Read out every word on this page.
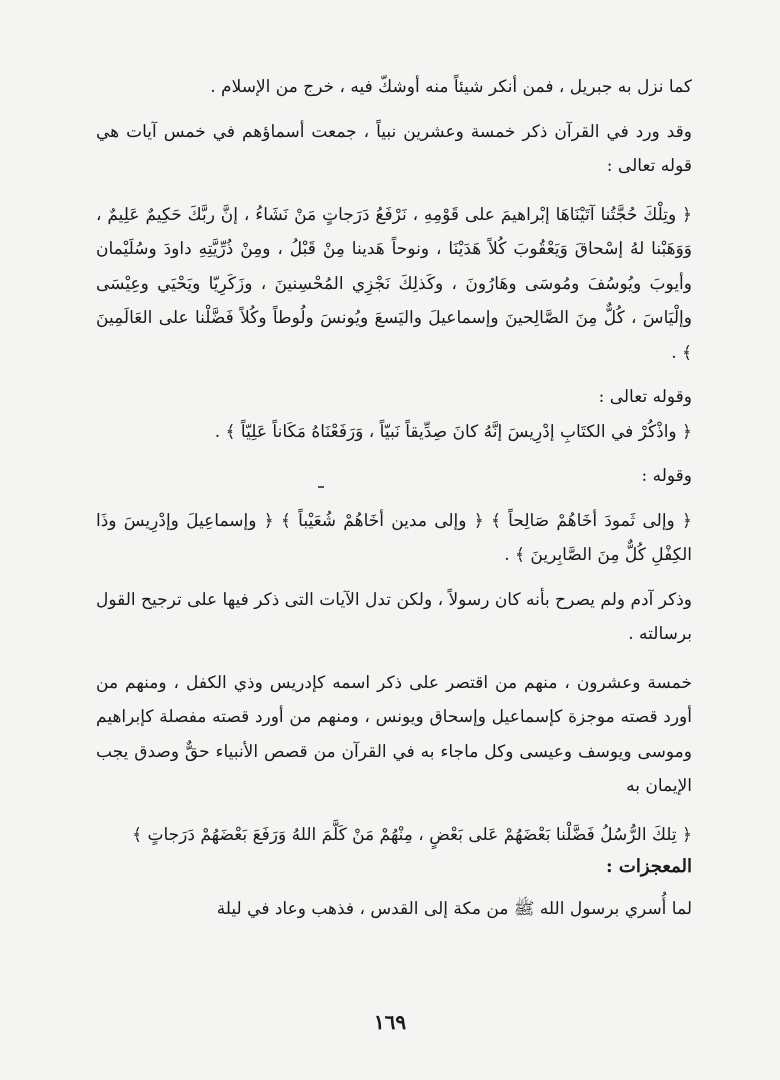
كما نزل به جبريل ، فمن أنكر شيئاً منه أوشكّ فيه ، خرج من الإسلام .

وقد ورد في القرآن ذكر خمسة وعشرين نبياً ، جمعت أسماؤهم في خمس آيات هي قوله تعالى :

﴿ وتِلْكَ حُجَّتُنا آتَيْنَاهَا إبْراهيمَ على قَوْمِهِ ، نَرْفَعُ دَرَجاتٍ مَنْ نَشَاءُ ، إنَّ ربَّكَ حَكِيمٌ عَلِيمٌ ، وَوَهَبْنا لهُ إسْحاقَ وَيَعْقُوبَ كُلاً هَدَيْنَا ، ونوحاً هَدينا مِنْ قَبْلُ ، ومِنْ ذُرِّيَّتِهِ داودَ وسُلَيْمان وأيوبَ ويُوسُفَ ومُوسَى وهَارُونَ ، وكَذلِكَ نَجْزِي المُحْسِنينَ ، وزَكَرِيّا ويَحْيَي وعِيْسَى وإلْيَاسَ ، كُلٌّ مِنَ الصَّالِحينَ وإسماعيلَ واليَسعَ ويُونسَ ولُوطاً وكُلاً فَضَّلْنا على العَالَمِينَ ﴾ .

وقوله تعالى :

﴿ واذْكُرْ في الكتَابِ إدْرِيسَ إنَّهُ كانَ صِدِّيقاً نَبيّاً ، وَرَفَعْنَاهُ مَكَاناً عَلِيّاً ﴾ .

وقوله :

﴿ وإلى ثَمودَ أخَاهُمْ صَالِحاً ﴾ ﴿ وإلى مدين أخَاهُمْ شُعَيْباً ﴾ ﴿ وإسماعِيلَ وإدْرِيسَ وذَا الكِفْلِ كُلٌّ مِنَ الصَّابِرينَ ﴾ .

وذكر آدم ولم يصرح بأنه كان رسولاً ، ولكن تدل الآيات التى ذكر فيها على ترجيح القول برسالته .

خمسة وعشرون ، منهم من اقتصر على ذكر اسمه كإدريس وذي الكفل ، ومنهم من أورد قصته موجزة كإسماعيل وإسحاق ويونس ، ومنهم من أورد قصته مفصلة كإبراهيم وموسى ويوسف وعيسى وكل ماجاء به في القرآن من قصص الأنبياء حقٌّ وصدق يجب الإيمان به

﴿ تِلكَ الرُّسُلُ فَضَّلْنا بَعْضَهُمْ عَلى بَعْضٍ ، مِنْهُمْ مَنْ كَلَّمَ اللهُ وَرَفَعَ بَعْضَهُمْ دَرَجاتٍ ﴾

المعجزات :

لما أُسري برسول الله ﷺ من مكة إلى القدس ، فذهب وعاد في ليلة

١٦٩
